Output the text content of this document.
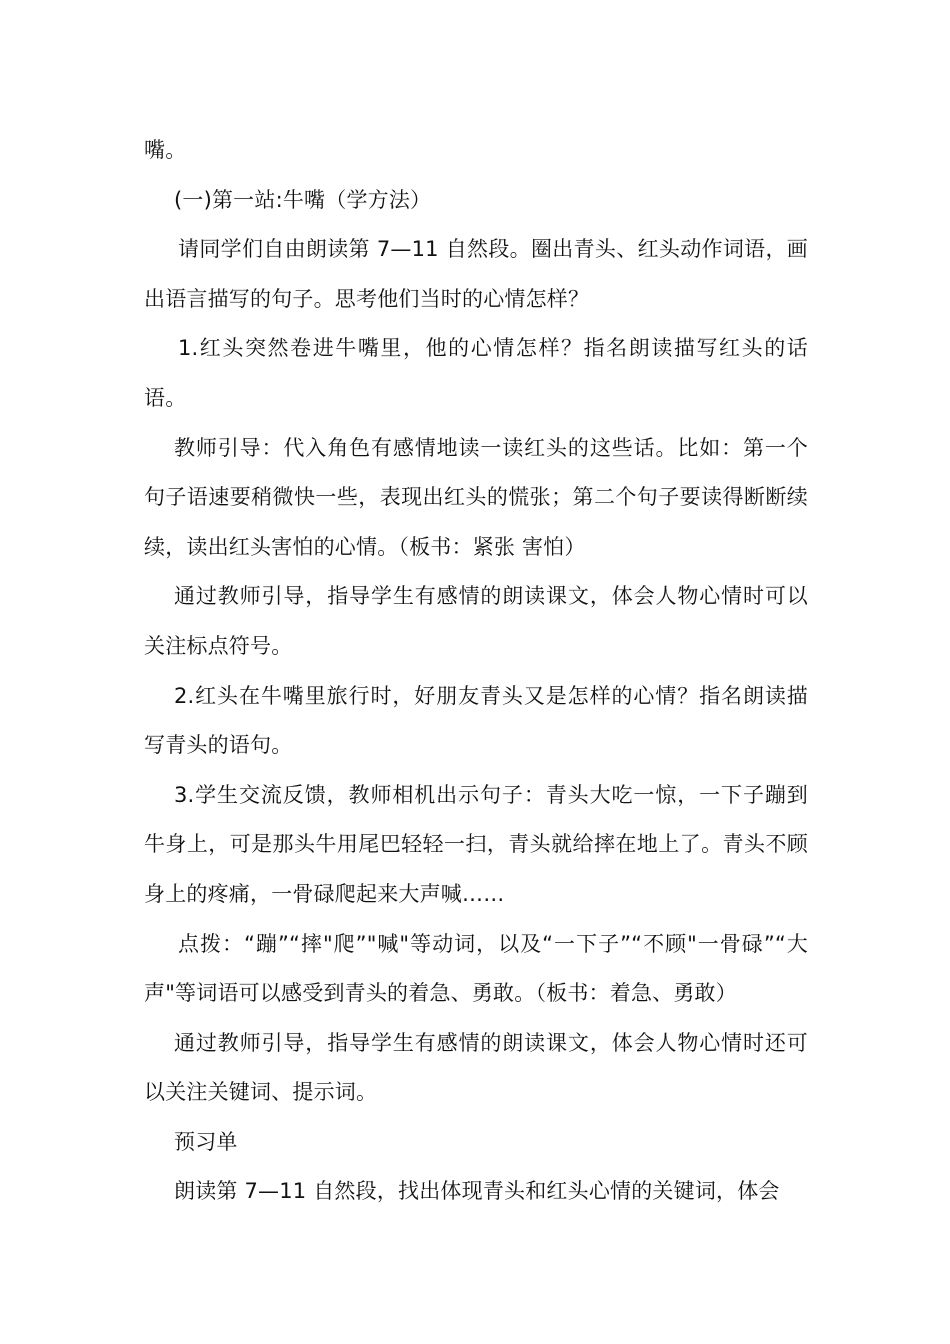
嘴。

(一)第一站:牛嘴（学方法）

请同学们自由朗读第 7—11 自然段。圈出青头、红头动作词语，画出语言描写的句子。思考他们当时的心情怎样？

1.红头突然卷进牛嘴里，他的心情怎样？指名朗读描写红头的话语。

教师引导：代入角色有感情地读一读红头的这些话。比如：第一个句子语速要稍微快一些，表现出红头的慌张；第二个句子要读得断断续续，读出红头害怕的心情。（板书：紧张 害怕）

通过教师引导，指导学生有感情的朗读课文，体会人物心情时可以关注标点符号。

2.红头在牛嘴里旅行时，好朋友青头又是怎样的心情？指名朗读描写青头的语句。

3.学生交流反馈，教师相机出示句子：青头大吃一惊，一下子蹦到牛身上，可是那头牛用尾巴轻轻一扫，青头就给摔在地上了。青头不顾身上的疼痛，一骨碌爬起来大声喊……

点拨：“蹦”“摔"爬”"喊"等动词，以及“一下子”“不顾"一骨碌”“大声"等词语可以感受到青头的着急、勇敢。（板书：着急、勇敢）

通过教师引导，指导学生有感情的朗读课文，体会人物心情时还可以关注关键词、提示词。

预习单

朗读第 7—11 自然段，找出体现青头和红头心情的关键词，体会
